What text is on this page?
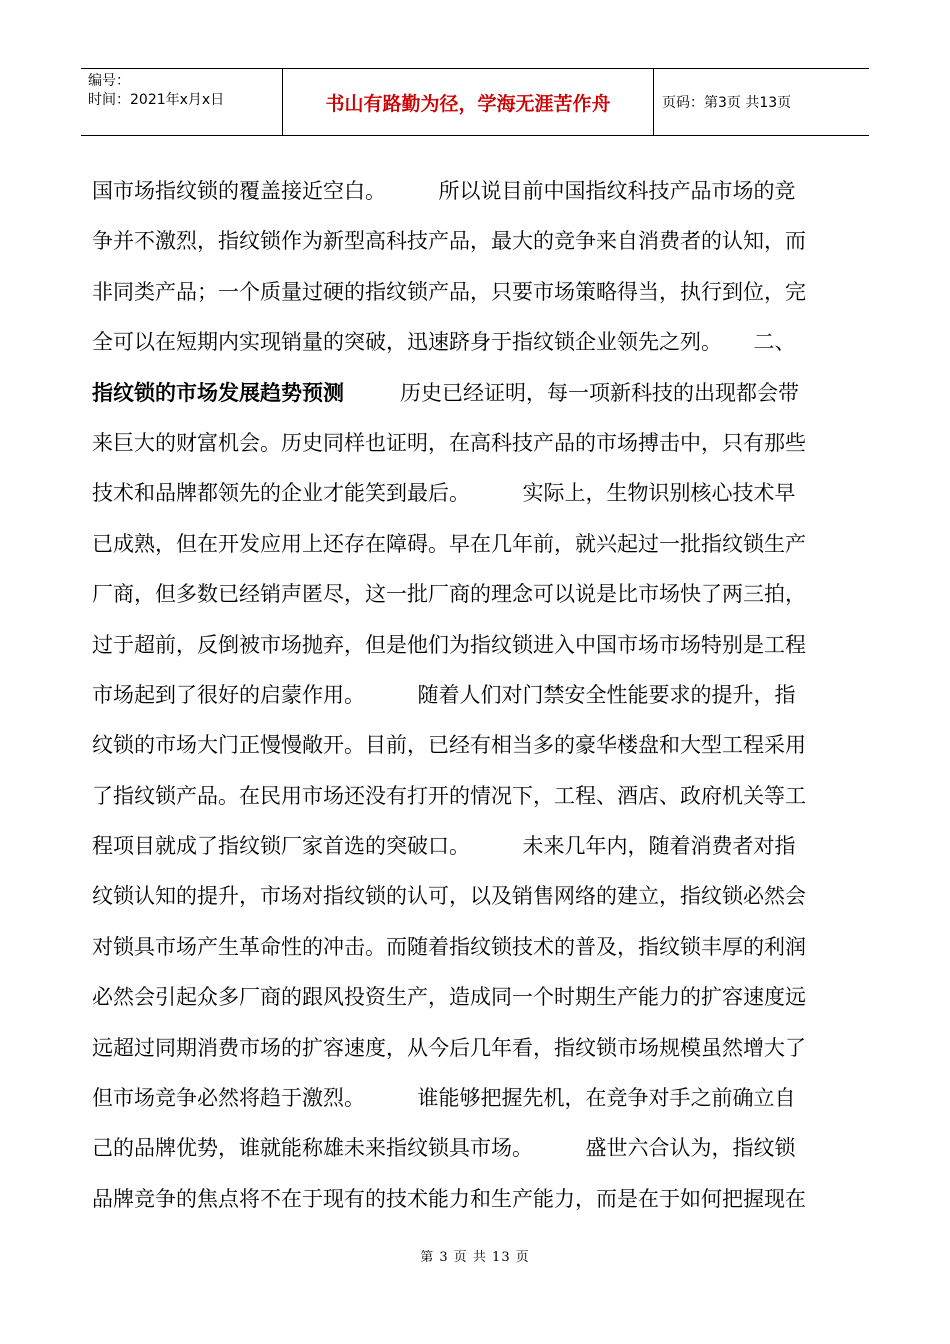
编号：
时间：2021年x月x日	书山有路勤为径，学海无涯苦作舟	页码：第3页 共13页
国市场指纹锁的覆盖接近空白。　　　所以说目前中国指纹科技产品市场的竞
争并不激烈，指纹锁作为新型高科技产品，最大的竞争来自消费者的认知，而
非同类产品；一个质量过硬的指纹锁产品，只要市场策略得当，执行到位，完
全可以在短期内实现销量的突破，迅速跻身于指纹锁企业领先之列。　　二、
指纹锁的市场发展趋势预测	历史已经证明，每一项新科技的出现都会带
来巨大的财富机会。历史同样也证明，在高科技产品的市场搏击中，只有那些
技术和品牌都领先的企业才能笑到最后。　　　实际上，生物识别核心技术早
已成熟，但在开发应用上还存在障碍。早在几年前，就兴起过一批指纹锁生产
厂商，但多数已经销声匿尽，这一批厂商的理念可以说是比市场快了两三拍，
过于超前，反倒被市场抛弃，但是他们为指纹锁进入中国市场市场特别是工程
市场起到了很好的启蒙作用。　　　随着人们对门禁安全性能要求的提升，指
纹锁的市场大门正慢慢敞开。目前，已经有相当多的豪华楼盘和大型工程采用
了指纹锁产品。在民用市场还没有打开的情况下，工程、酒店、政府机关等工
程项目就成了指纹锁厂家首选的突破口。　　　未来几年内，随着消费者对指
纹锁认知的提升，市场对指纹锁的认可，以及销售网络的建立，指纹锁必然会
对锁具市场产生革命性的冲击。而随着指纹锁技术的普及，指纹锁丰厚的利润
必然会引起众多厂商的跟风投资生产，造成同一个时期生产能力的扩容速度远
远超过同期消费市场的扩容速度，从今后几年看，指纹锁市场规模虽然增大了
但市场竞争必然将趋于激烈。　　　谁能够把握先机，在竞争对手之前确立自
己的品牌优势，谁就能称雄未来指纹锁具市场。　　　盛世六合认为，指纹锁
品牌竞争的焦点将不在于现有的技术能力和生产能力，而是在于如何把握现在
第 3 页 共 13 页
